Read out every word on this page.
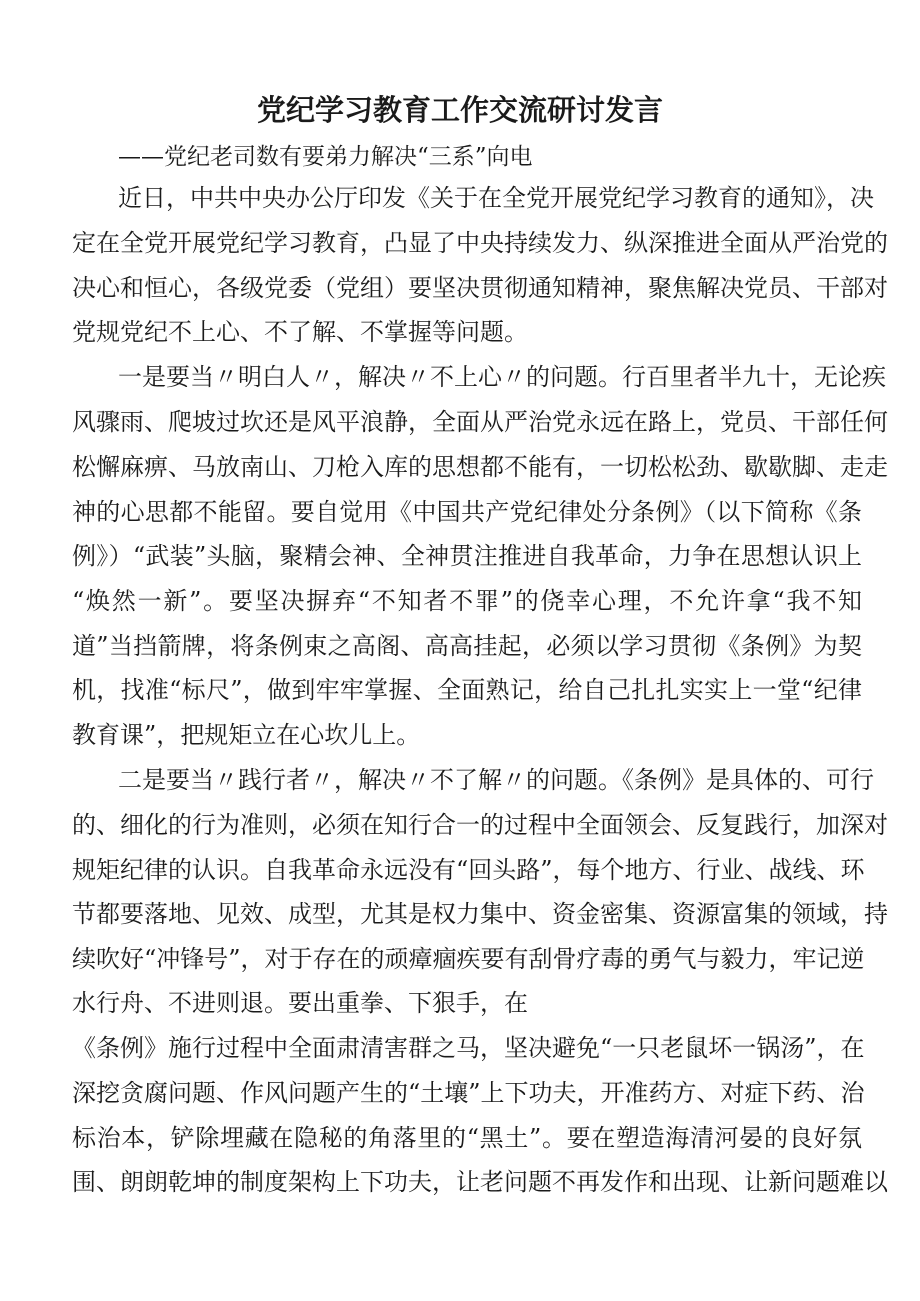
党纪学习教育工作交流研讨发言

——党纪老司数有要弟力解决“三系”向电

近日，中共中央办公厅印发《关于在全党开展党纪学习教育的通知》，决

定在全党开展党纪学习教育，凸显了中央持续发力、纵深推进全面从严治党的

决心和恒心，各级党委（党组）要坚决贯彻通知精神，聚焦解决党员、干部对

党规党纪不上心、不了解、不掌握等问题。

一是要当〃明白人〃，解决〃不上心〃的问题。行百里者半九十，无论疾

风骤雨、爬坡过坎还是风平浪静，全面从严治党永远在路上，党员、干部任何

松懈麻痹、马放南山、刀枪入库的思想都不能有，一切松松劲、歇歇脚、走走

神的心思都不能留。要自觉用《中国共产党纪律处分条例》（以下简称《条

例》）“武装”头脑，聚精会神、全神贯注推进自我革命，力争在思想认识上

“焕然一新”。要坚决摒弃“不知者不罪”的侥幸心理，不允许拿“我不知

道”当挡箭牌，将条例束之高阁、高高挂起，必须以学习贯彻《条例》为契

机，找准“标尺”，做到牢牢掌握、全面熟记，给自己扎扎实实上一堂“纪律

教育课”，把规矩立在心坎儿上。

二是要当〃践行者〃，解决〃不了解〃的问题。《条例》是具体的、可行

的、细化的行为准则，必须在知行合一的过程中全面领会、反复践行，加深对

规矩纪律的认识。自我革命永远没有“回头路”，每个地方、行业、战线、环

节都要落地、见效、成型，尤其是权力集中、资金密集、资源富集的领域，持

续吹好“冲锋号”，对于存在的顽瘴痼疾要有刮骨疗毒的勇气与毅力，牢记逆

水行舟、不进则退。要出重拳、下狠手，在

《条例》施行过程中全面肃清害群之马，坚决避免“一只老鼠坏一锅汤”，在

深挖贪腐问题、作风问题产生的“土壤”上下功夫，开准药方、对症下药、治

标治本，铲除埋藏在隐秘的角落里的“黑土”。要在塑造海清河晏的良好氛

围、朗朗乾坤的制度架构上下功夫，让老问题不再发作和出现、让新问题难以
